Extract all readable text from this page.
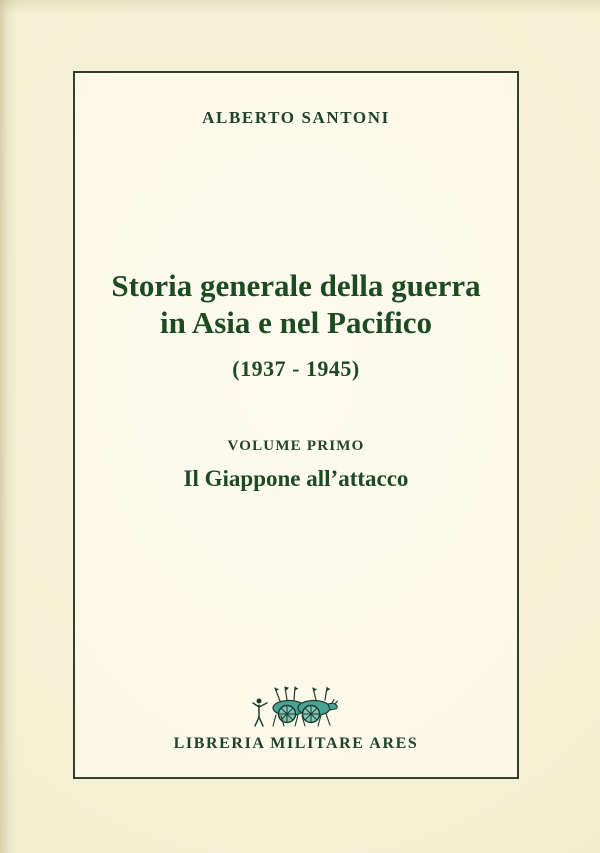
ALBERTO SANTONI
Storia generale della guerra
in Asia e nel Pacifico
(1937 - 1945)
VOLUME PRIMO
Il Giappone all’attacco
LIBRERIA MILITARE ARES
